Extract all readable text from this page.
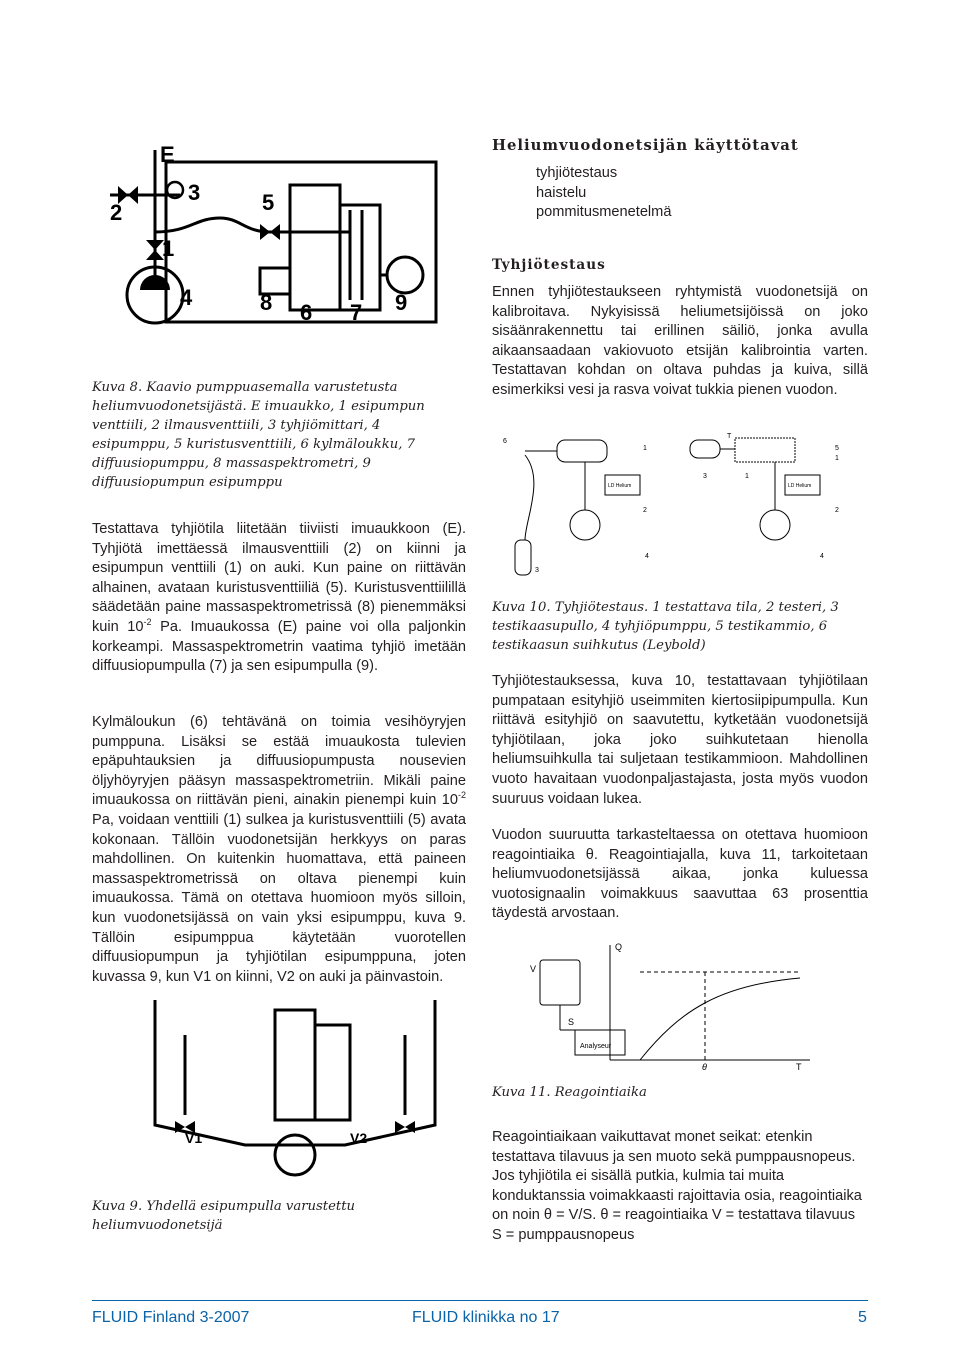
E
3
2	5
1
4	8 6 7 9

Kuva 8. Kaavio pumppuasemalla varustetusta heliumvuodonetsijästä. E imuaukko, 1 esipumpun venttiili, 2 ilmausventtiili, 3 tyhjiömittari, 4 esipumppu, 5 kuristusventtiili, 6 kylmäloukku, 7 diffuusiopumppu, 8 massaspektrometri, 9 diffuusiopumpun esipumppu

Heliumvuodonetsijän käyttötavat
tyhjiötestaus
haistelu
pommitusmenetelmä
Tyhjiötestaus

Ennen tyhjiötestaukseen ryhtymistä vuodonetsijä on kalibroitava. Nykyisissä heliumetsijöissä on joko sisäänrakennettu tai erillinen säiliö, jonka avulla aikaansaadaan vakiovuoto etsijän kalibrointia varten. Testattavan kohdan on oltava puhdas ja kuiva, sillä esimerkiksi vesi ja rasva voivat tukkia pienen vuodon.

6
1
2
3
4
T
1
5
3
1
2
4
LD Helium	LD Helium

Kuva 10. Tyhjiötestaus. 1 testattava tila, 2 testeri, 3 testikaasupullo, 4 tyhjiöpumppu, 5 testikammio, 6 testikaasun suihkutus (Leybold)

Testattava tyhjiötila liitetään tiiviisti imuaukkoon (E). Tyhjiötä imettäessä ilmausventtiili (2) on kiinni ja esipumpun venttiili (1) on auki. Kun paine on riittävän alhainen, avataan kuristusventtiiliä (5). Kuristusventtiilillä säädetään paine massaspektrometrissä (8) pienemmäksi kuin $10^{-2}$ Pa. Imuaukossa (E) paine voi olla paljonkin korkeampi. Massaspektrometrin vaatima tyhjiö imetään diffuusiopumpulla (7) ja sen esipumpulla (9).

Kylmäloukun (6) tehtävänä on toimia vesihöyryjen pumppuna. Lisäksi se estää imuaukosta tulevien epäpuhtauksien ja diffuusiopumpusta nousevien öljyhöyryjen pääsyn massaspektrometriin. Mikäli paine imuaukossa on riittävän pieni, ainakin pienempi kuin $10^{-2}$ Pa, voidaan venttiili (1) sulkea ja kuristusventtiili (5) avata kokonaan. Tällöin vuodonetsijän herkkyys on paras mahdollinen. On kuitenkin huomattava, että paineen massaspektrometrissä on oltava pienempi kuin imuaukossa. Tämä on otettava huomioon myös silloin, kun vuodonetsijässä on vain yksi esipumppu, kuva 9. Tällöin esipumppua käytetään vuorotellen diffuusiopumpun ja tyhjiötilan esipumppuna, joten kuvassa 9, kun V1 on kiinni, V2 on auki ja päinvastoin.

Tyhjiötestauksessa, kuva 10, testattavaan tyhjiötilaan pumpataan esityhjiö useimmiten kiertosiipipumpulla. Kun riittävä esityhjiö on saavutettu, kytketään vuodonetsijä tyhjiötilaan, joka joko suihkutetaan hienolla heliumsuihkulla tai suljetaan testikammioon. Mahdollinen vuoto havaitaan vuodonpaljastajasta, josta myös vuodon suuruus voidaan lukea.

Vuodon suuruutta tarkasteltaessa on otettava huomioon reagointiaika θ. Reagointiajalla, kuva 11, tarkoitetaan heliumvuodonetsijässä aikaa, jonka kuluessa vuotosignaalin voimakkuus saavuttaa 63 prosenttia täydestä arvostaan.

V
S
Q
θ	T
Analyseur

Kuva 11. Reagointiaika

Reagointiaikaan vaikuttavat monet seikat: etenkin testattava tilavuus ja sen muoto sekä pumppausnopeus. Jos tyhjiötila ei sisällä putkia, kulmia tai muita konduktanssia voimakkaasti rajoittavia osia, reagointiaika on noin θ = V/S. θ = reagointiaika V = testattava tilavuus S = pumppausnopeus

V1	V2

Kuva 9. Yhdellä esipumpulla varustettu heliumvuodonetsijä

FLUID Finland 3-2007	FLUID klinikka no 17	5
